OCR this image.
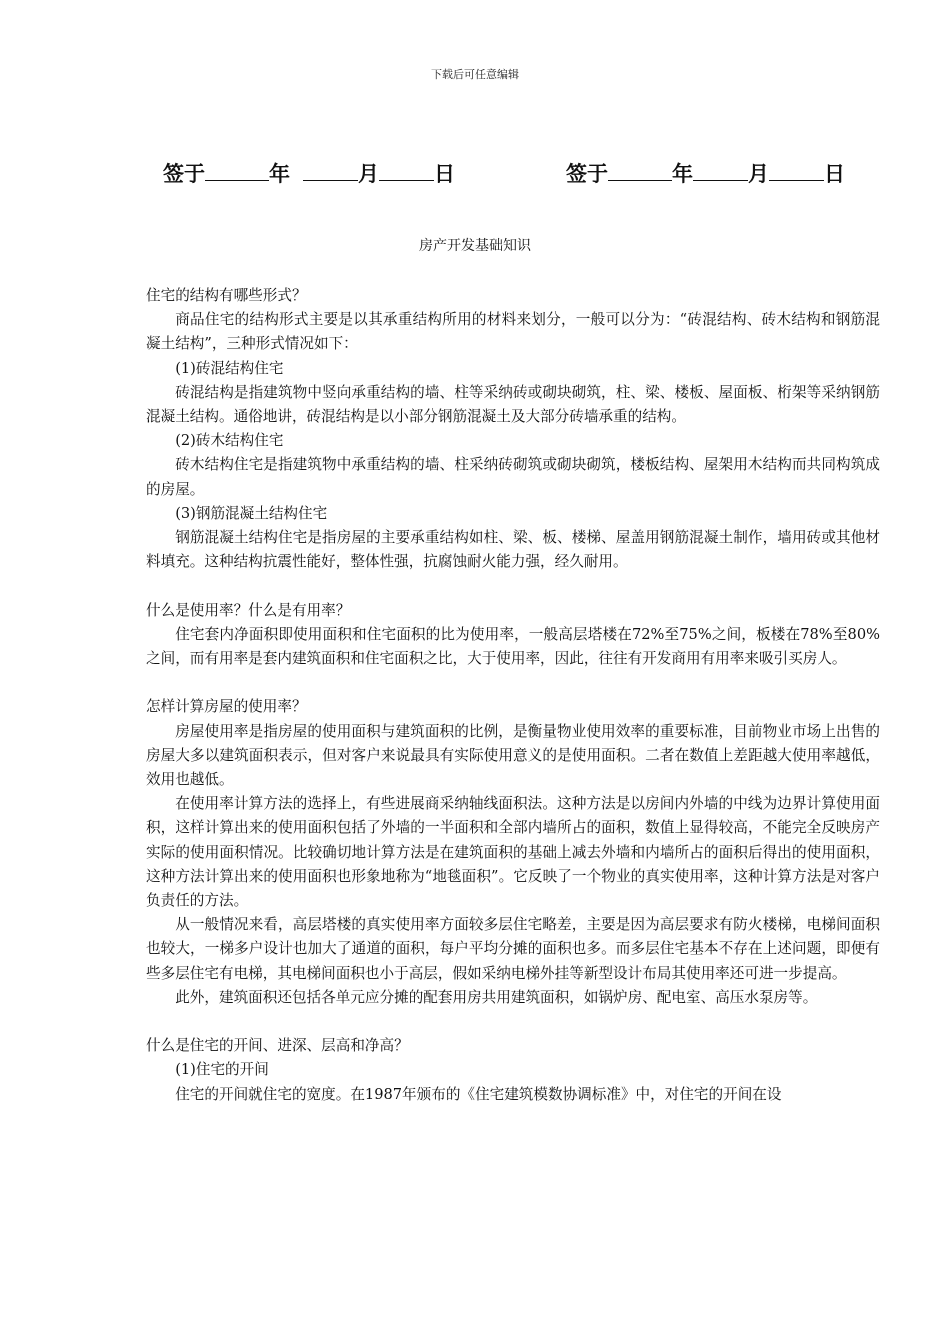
下载后可任意编辑
签于	年	月	日	签于	年	月	日
房产开发基础知识

住宅的结构有哪些形式？

商品住宅的结构形式主要是以其承重结构所用的材料来划分，一般可以分为：“砖混结构、砖木结构和钢筋混凝土结构”，三种形式情况如下：

(1)砖混结构住宅

砖混结构是指建筑物中竖向承重结构的墙、柱等采纳砖或砌块砌筑，柱、梁、楼板、屋面板、桁架等采纳钢筋混凝土结构。通俗地讲，砖混结构是以小部分钢筋混凝土及大部分砖墙承重的结构。

(2)砖木结构住宅

砖木结构住宅是指建筑物中承重结构的墙、柱采纳砖砌筑或砌块砌筑，楼板结构、屋架用木结构而共同构筑成的房屋。

(3)钢筋混凝土结构住宅

钢筋混凝土结构住宅是指房屋的主要承重结构如柱、梁、板、楼梯、屋盖用钢筋混凝土制作，墙用砖或其他材料填充。这种结构抗震性能好，整体性强，抗腐蚀耐火能力强，经久耐用。

什么是使用率？什么是有用率？

住宅套内净面积即使用面积和住宅面积的比为使用率，一般高层塔楼在72%至75%之间，板楼在78%至80%之间，而有用率是套内建筑面积和住宅面积之比，大于使用率，因此，往往有开发商用有用率来吸引买房人。

怎样计算房屋的使用率？

房屋使用率是指房屋的使用面积与建筑面积的比例，是衡量物业使用效率的重要标准，目前物业市场上出售的房屋大多以建筑面积表示，但对客户来说最具有实际使用意义的是使用面积。二者在数值上差距越大使用率越低，效用也越低。

在使用率计算方法的选择上，有些进展商采纳轴线面积法。这种方法是以房间内外墙的中线为边界计算使用面积，这样计算出来的使用面积包括了外墙的一半面积和全部内墙所占的面积，数值上显得较高，不能完全反映房产实际的使用面积情况。比较确切地计算方法是在建筑面积的基础上减去外墙和内墙所占的面积后得出的使用面积，这种方法计算出来的使用面积也形象地称为“地毯面积”。它反映了一个物业的真实使用率，这种计算方法是对客户负责任的方法。

从一般情况来看，高层塔楼的真实使用率方面较多层住宅略差，主要是因为高层要求有防火楼梯，电梯间面积也较大，一梯多户设计也加大了通道的面积，每户平均分摊的面积也多。而多层住宅基本不存在上述问题，即便有些多层住宅有电梯，其电梯间面积也小于高层，假如采纳电梯外挂等新型设计布局其使用率还可进一步提高。

此外，建筑面积还包括各单元应分摊的配套用房共用建筑面积，如锅炉房、配电室、高压水泵房等。

什么是住宅的开间、进深、层高和净高？

(1)住宅的开间

住宅的开间就住宅的宽度。在1987年颁布的《住宅建筑模数协调标准》中，对住宅的开间在设
